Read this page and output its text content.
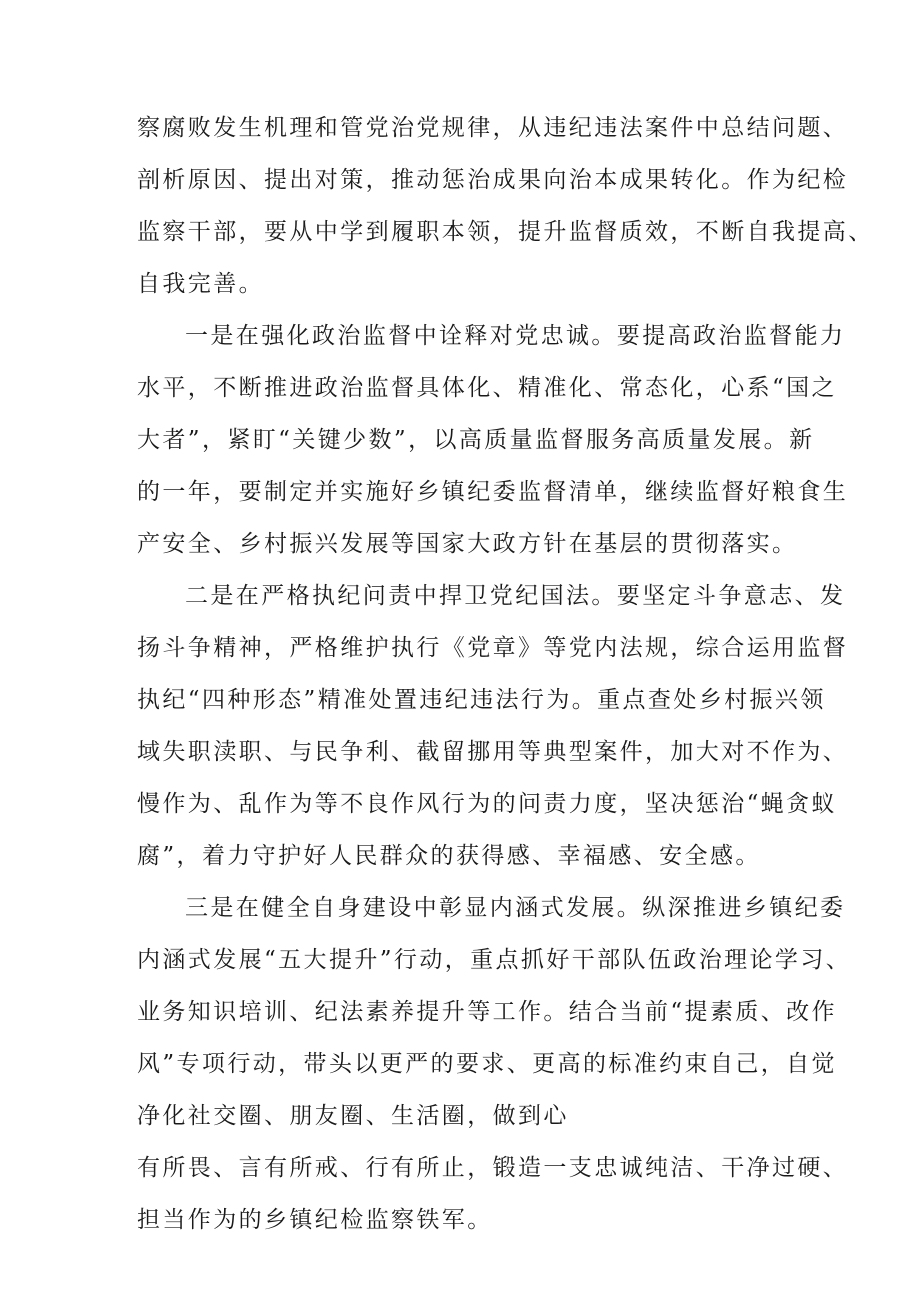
察腐败发生机理和管党治党规律，从违纪违法案件中总结问题、
剖析原因、提出对策，推动惩治成果向治本成果转化。作为纪检
监察干部，要从中学到履职本领，提升监督质效，不断自我提高、
自我完善。
一是在强化政治监督中诠释对党忠诚。要提高政治监督能力
水平，不断推进政治监督具体化、精准化、常态化，心系“国之
大者”，紧盯“关键少数”，以高质量监督服务高质量发展。新
的一年，要制定并实施好乡镇纪委监督清单，继续监督好粮食生
产安全、乡村振兴发展等国家大政方针在基层的贯彻落实。
二是在严格执纪问责中捍卫党纪国法。要坚定斗争意志、发
扬斗争精神，严格维护执行《党章》等党内法规，综合运用监督
执纪“四种形态”精准处置违纪违法行为。重点查处乡村振兴领
域失职渎职、与民争利、截留挪用等典型案件，加大对不作为、
慢作为、乱作为等不良作风行为的问责力度，坚决惩治“蝇贪蚁
腐”，着力守护好人民群众的获得感、幸福感、安全感。
三是在健全自身建设中彰显内涵式发展。纵深推进乡镇纪委
内涵式发展“五大提升”行动，重点抓好干部队伍政治理论学习、
业务知识培训、纪法素养提升等工作。结合当前“提素质、改作
风”专项行动，带头以更严的要求、更高的标准约束自己，自觉
净化社交圈、朋友圈、生活圈，做到心
有所畏、言有所戒、行有所止，锻造一支忠诚纯洁、干净过硬、
担当作为的乡镇纪检监察铁军。
